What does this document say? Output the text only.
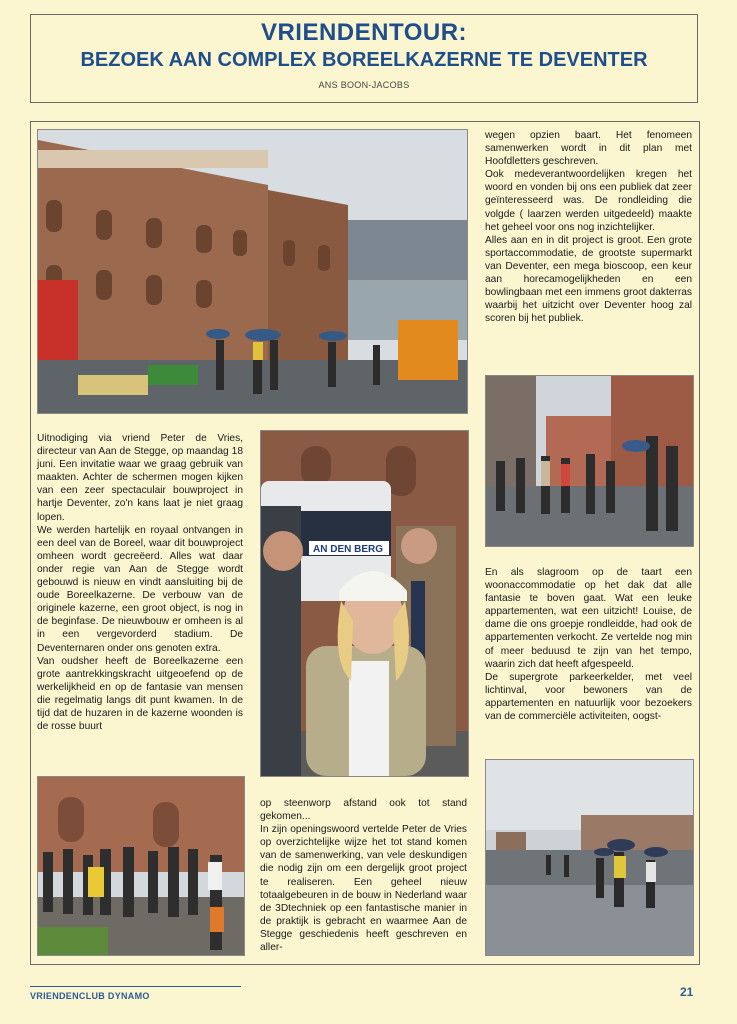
VRIENDENTOUR:
BEZOEK AAN COMPLEX BOREELKAZERNE TE DEVENTER
ANS BOON-JACOBS
AN DEN BERG

wegen opzien baart. Het fenomeen samenwerken wordt in dit plan met Hoofdletters geschreven.

Ook medeverantwoordelijken kregen het woord en vonden bij ons een publiek dat zeer geïnteresseerd was. De rondleiding die volgde ( laarzen werden uitgedeeld) maakte het geheel voor ons nog inzichtelijker.

Alles aan en in dit project is groot. Een grote sportaccommodatie, de grootste supermarkt van Deventer, een mega bioscoop, een keur aan horecamogelijkheden en een bowlingbaan met een immens groot dakterras waarbij het uitzicht over Deventer hoog zal scoren bij het publiek.

Uitnodiging via vriend Peter de Vries, directeur van Aan de Stegge, op maandag 18 juni. Een invitatie waar we graag gebruik van maakten. Achter de schermen mogen kijken van een zeer spectaculair bouwproject in hartje Deventer, zo'n kans laat je niet graag lopen.

We werden hartelijk en royaal ontvangen in een deel van de Boreel, waar dit bouwproject omheen wordt gecreëerd. Alles wat daar onder regie van Aan de Stegge wordt gebouwd is nieuw en vindt aansluiting bij de oude Boreelkazerne. De verbouw van de originele kazerne, een groot object, is nog in de beginfase. De nieuwbouw er omheen is al in een vergevorderd stadium. De Deventernaren onder ons genoten extra.

Van oudsher heeft de Boreelkazerne een grote aantrekkingskracht uitgeoefend op de werkelijkheid en op de fantasie van mensen die regelmatig langs dit punt kwamen. In de tijd dat de huzaren in de kazerne woonden is de rosse buurt

En als slagroom op de taart een woonaccommodatie op het dak dat alle fantasie te boven gaat. Wat een leuke appartementen, wat een uitzicht! Louise, de dame die ons groepje rondleidde, had ook de appartementen verkocht. Ze vertelde nog min of meer beduusd te zijn van het tempo, waarin zich dat heeft afgespeeld.

De supergrote parkeerkelder, met veel lichtinval, voor bewoners van de appartementen en natuurlijk voor bezoekers van de commerciële activiteiten, oogst-

op steenworp afstand ook tot stand gekomen...

In zijn openingswoord vertelde Peter de Vries op overzichtelijke wijze het tot stand komen van de samenwerking, van vele deskundigen die nodig zijn om een dergelijk groot project te realiseren. Een geheel nieuw totaalgebeuren in de bouw in Nederland waar de 3Dtechniek op een fantastische manier in de praktijk is gebracht en waarmee Aan de Stegge geschiedenis heeft geschreven en aller-

VRIENDENCLUB DYNAMO	21
